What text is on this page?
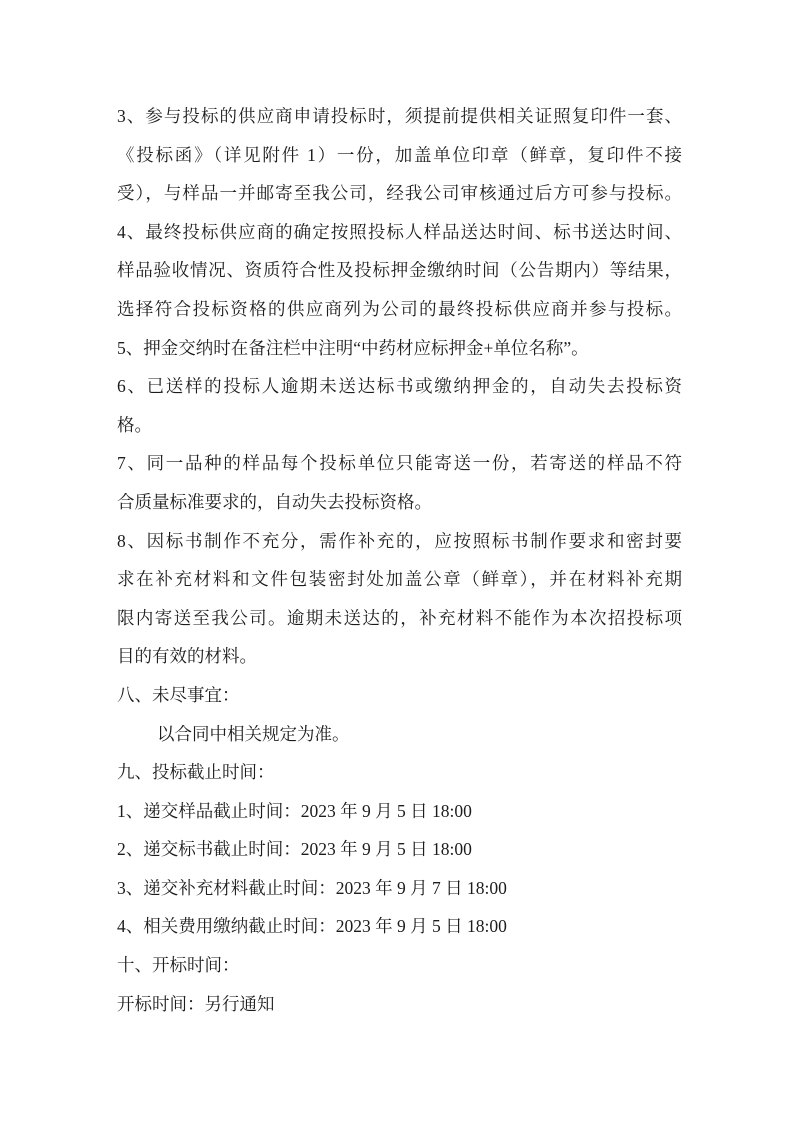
3、参与投标的供应商申请投标时，须提前提供相关证照复印件一套、
《投标函》（详见附件 1）一份，加盖单位印章（鲜章，复印件不接
受），与样品一并邮寄至我公司，经我公司审核通过后方可参与投标。
4、最终投标供应商的确定按照投标人样品送达时间、标书送达时间、
样品验收情况、资质符合性及投标押金缴纳时间（公告期内）等结果，
选择符合投标资格的供应商列为公司的最终投标供应商并参与投标。
5、押金交纳时在备注栏中注明“中药材应标押金+单位名称”。
6、已送样的投标人逾期未送达标书或缴纳押金的，自动失去投标资
格。
7、同一品种的样品每个投标单位只能寄送一份，若寄送的样品不符
合质量标准要求的，自动失去投标资格。
8、因标书制作不充分，需作补充的，应按照标书制作要求和密封要
求在补充材料和文件包装密封处加盖公章（鲜章），并在材料补充期
限内寄送至我公司。逾期未送达的，补充材料不能作为本次招投标项
目的有效的材料。
八、未尽事宜：
以合同中相关规定为准。
九、投标截止时间：
1、递交样品截止时间：2023 年 9 月 5 日 18:00
2、递交标书截止时间：2023 年 9 月 5 日 18:00
3、递交补充材料截止时间：2023 年 9 月 7 日 18:00
4、相关费用缴纳截止时间：2023 年 9 月 5 日 18:00
十、开标时间：
开标时间：另行通知
